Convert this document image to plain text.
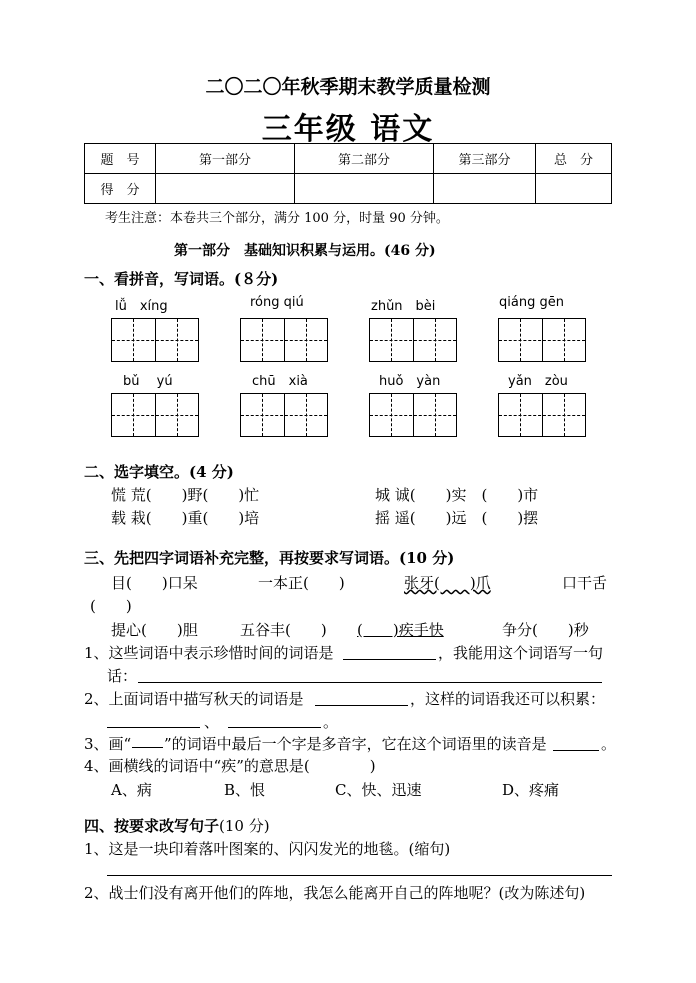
二〇二〇年秋季期末教学质量检测
三年级 语文
题　号	第一部分	第二部分	第三部分	总　分
得　分				
考生注意：本卷共三个部分，满分 100 分，时量 90 分钟。
第一部分　基础知识积累与运用。(46 分)
一、看拼音，写词语。(８分)
lǚ　xíng	róng qiú	zhǔn　bèi	qiáng gēn
bǔ　 yú	chū　xià	huǒ　yàn	yǎn　zòu
二、选字填空。(4 分)
慌 荒(　　)野(　　)忙	城 诚(　　)实　(　　)市
载 栽(　　)重(　　)培	摇 遥(　　)远　(　　)摆
三、先把四字词语补充完整，再按要求写词语。(10 分)
目(　　)口呆	一本正(　　)	张牙(　　)爪	口干舌
(　　)
提心(　　)胆	五谷丰(　　) (　　)疾手快	争分(　　)秒
1、这些词语中表示珍惜时间的词语是	，我能用这个词语写一句
话：
2、上面词语中描写秋天的词语是	，这样的词语我还可以积累：
、	。
3、画“ ”的词语中最后一个字是多音字，它在这个词语里的读音是	。
4、画横线的词语中“疾”的意思是(　　　　)
A、病	B、恨	C、快、迅速	D、疼痛
四、按要求改写句子(10 分)
1、这是一块印着落叶图案的、闪闪发光的地毯。(缩句)
2、战士们没有离开他们的阵地，我怎么能离开自己的阵地呢？(改为陈述句)
